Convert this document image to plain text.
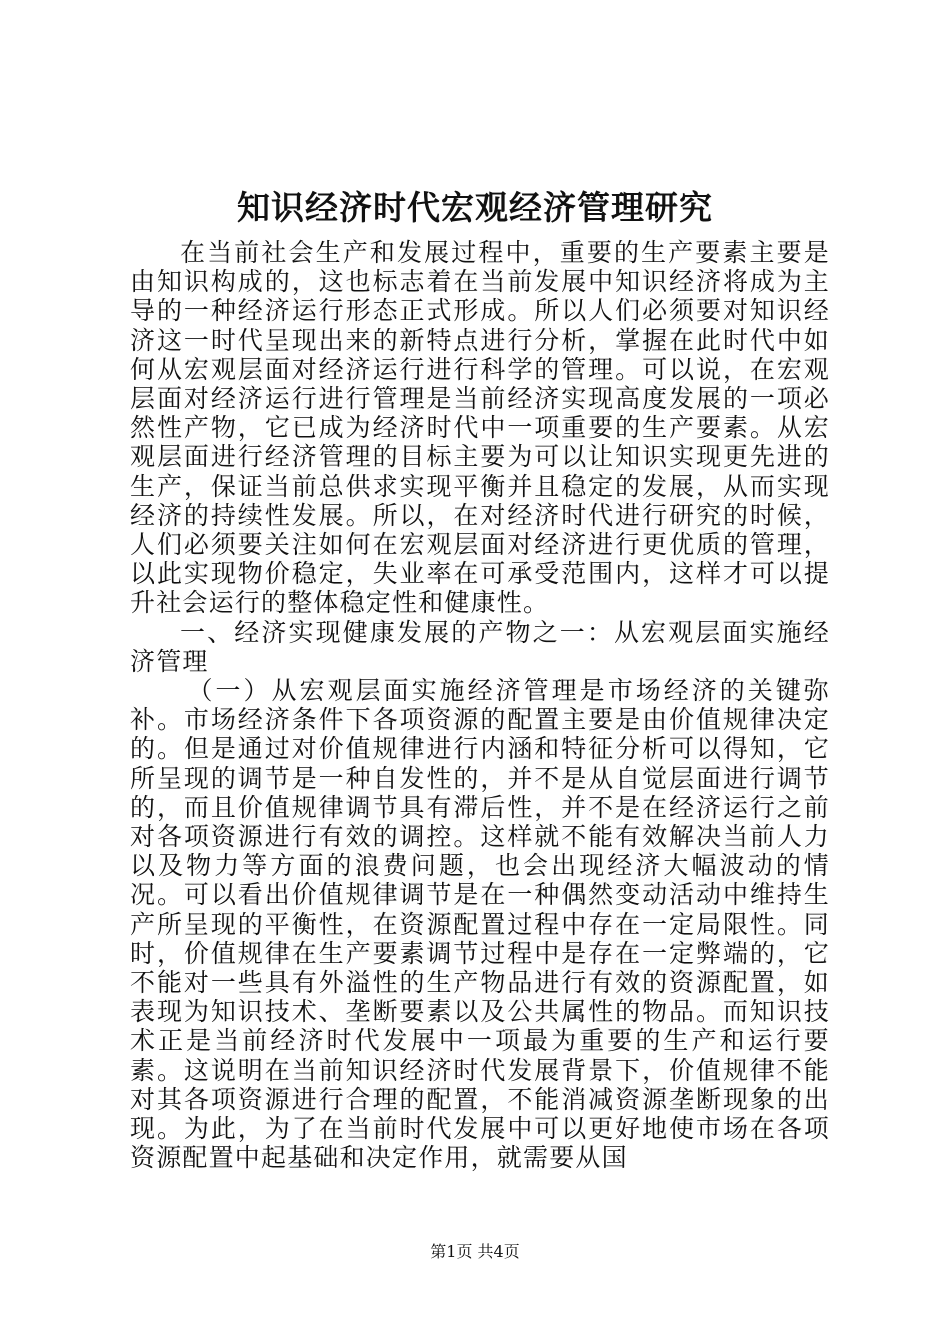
知识经济时代宏观经济管理研究

在当前社会生产和发展过程中，重要的生产要素主要是由知识构成的，这也标志着在当前发展中知识经济将成为主导的一种经济运行形态正式形成。所以人们必须要对知识经济这一时代呈现出来的新特点进行分析，掌握在此时代中如何从宏观层面对经济运行进行科学的管理。可以说，在宏观层面对经济运行进行管理是当前经济实现高度发展的一项必然性产物，它已成为经济时代中一项重要的生产要素。从宏观层面进行经济管理的目标主要为可以让知识实现更先进的生产，保证当前总供求实现平衡并且稳定的发展，从而实现经济的持续性发展。所以，在对经济时代进行研究的时候，人们必须要关注如何在宏观层面对经济进行更优质的管理，以此实现物价稳定，失业率在可承受范围内，这样才可以提升社会运行的整体稳定性和健康性。

一、经济实现健康发展的产物之一：从宏观层面实施经济管理

（一）从宏观层面实施经济管理是市场经济的关键弥补。市场经济条件下各项资源的配置主要是由价值规律决定的。但是通过对价值规律进行内涵和特征分析可以得知，它所呈现的调节是一种自发性的，并不是从自觉层面进行调节的，而且价值规律调节具有滞后性，并不是在经济运行之前对各项资源进行有效的调控。这样就不能有效解决当前人力以及物力等方面的浪费问题，也会出现经济大幅波动的情况。可以看出价值规律调节是在一种偶然变动活动中维持生产所呈现的平衡性，在资源配置过程中存在一定局限性。同时，价值规律在生产要素调节过程中是存在一定弊端的，它不能对一些具有外溢性的生产物品进行有效的资源配置，如表现为知识技术、垄断要素以及公共属性的物品。而知识技术正是当前经济时代发展中一项最为重要的生产和运行要素。这说明在当前知识经济时代发展背景下，价值规律不能对其各项资源进行合理的配置，不能消减资源垄断现象的出现。为此，为了在当前时代发展中可以更好地使市场在各项资源配置中起基础和决定作用，就需要从国

第1页 共4页
